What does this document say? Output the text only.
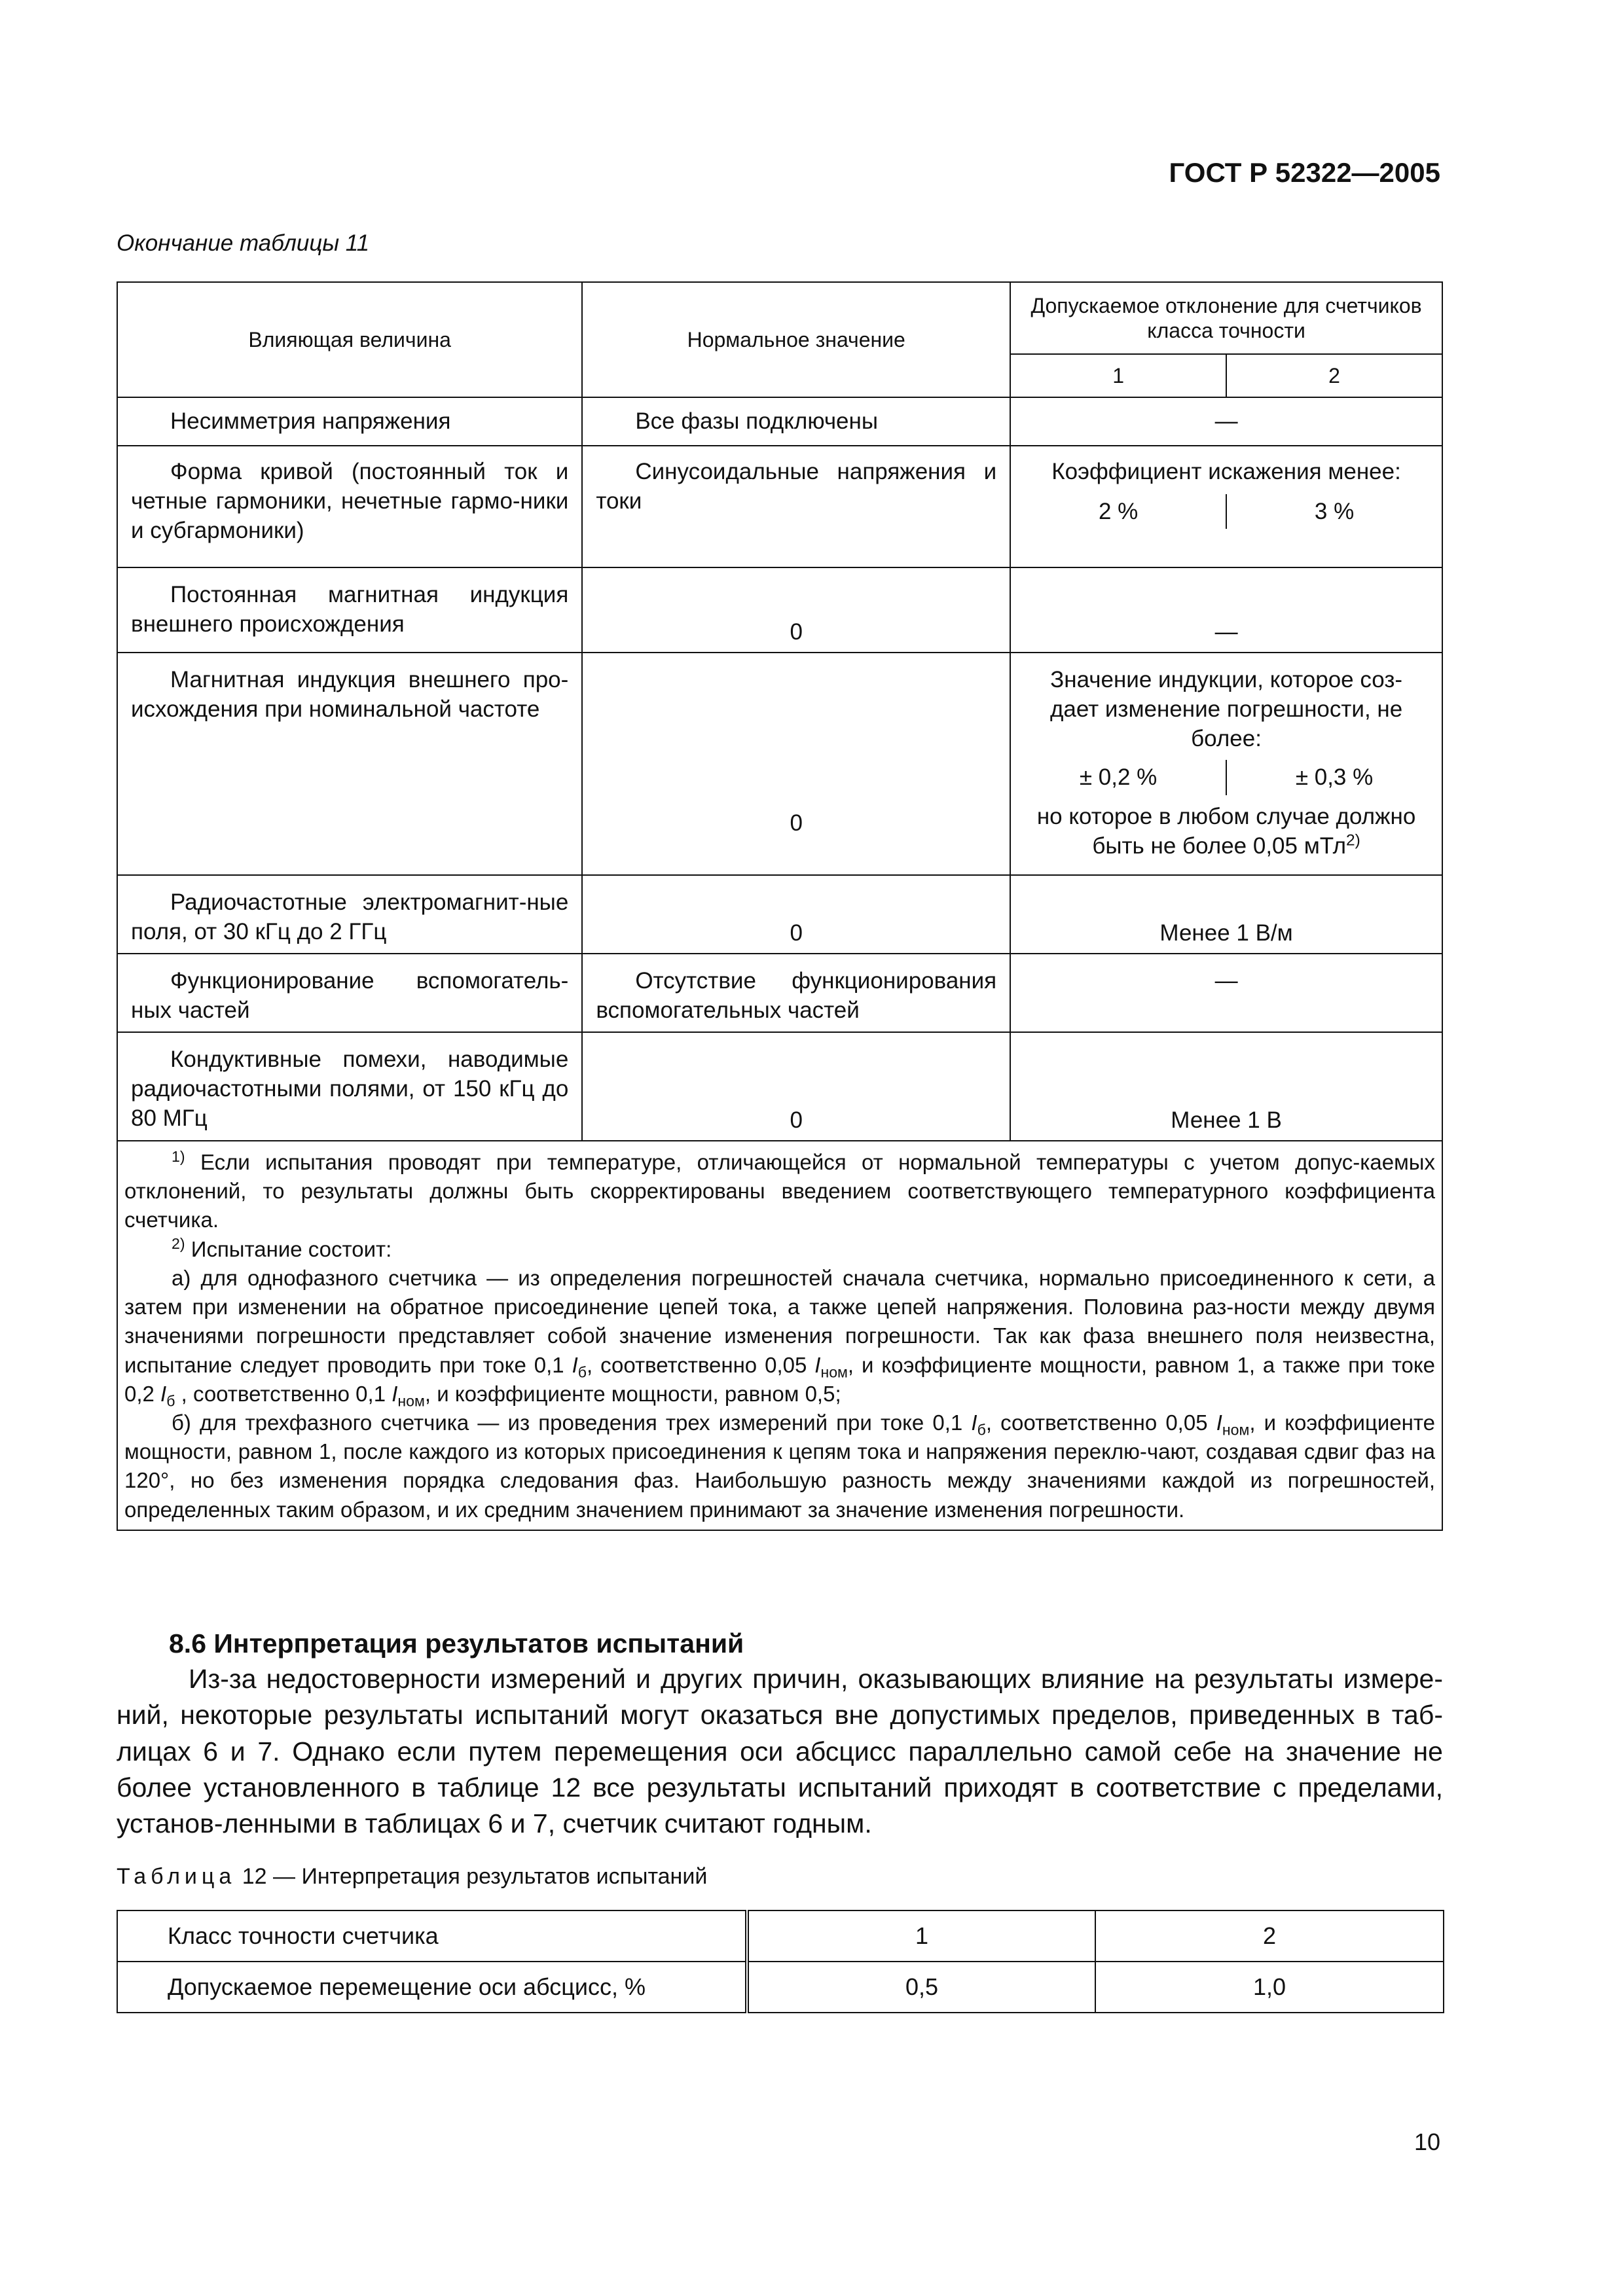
ГОСТ Р 52322—2005
Окончание таблицы 11
Влияющая величина	Нормальное значение	Допускаемое отклонение для счетчиков класса точности	
		1	2
Несимметрия напряжения	Все фазы подключены	—	
Форма кривой (постоянный ток и четные гармоники, нечетные гармо-ники и субгармоники)	Синусоидальные напряжения и токи	Коэффициент искажения менее:
2 % 3 %	

Постоянная магнитная индукция внешнего происхождения	0	—	
Магнитная индукция внешнего про-исхождения при номинальной частоте	0	Значение индукции, которое соз-дает изменение погрешности, не более:
± 0,2 % ± 0,3 %
но которое в любом случае должно быть не более 0,05 мТл$^{2)}$

Радиочастотные электромагнит-ные поля, от 30 кГц до 2 ГГц	0	Менее 1 В/м	
Функционирование вспомогатель-ных частей	Отсутствие функционирования вспомогательных частей	—	
Кондуктивные помехи, наводимые радиочастотными полями, от 150 кГц до 80 МГц	0	Менее 1 В	

$^{1)}$ Если испытания проводят при температуре, отличающейся от нормальной температуры с учетом допус-каемых отклонений, то результаты должны быть скорректированы введением соответствующего температурного коэффициента счетчика.

$^{2)}$ Испытание состоит:

а) для однофазного счетчика — из определения погрешностей сначала счетчика, нормально присоединенного к сети, а затем при изменении на обратное присоединение цепей тока, а также цепей напряжения. Половина раз-ности между двумя значениями погрешности представляет собой значение изменения погрешности. Так как фаза внешнего поля неизвестна, испытание следует проводить при токе 0,1 $I_б$, соответственно 0,05 $I_{ном}$, и коэффициенте мощности, равном 1, а также при токе 0,2 $I_б$ , соответственно 0,1 $I_{ном}$, и коэффициенте мощности, равном 0,5;

б) для трехфазного счетчика — из проведения трех измерений при токе 0,1 $I_б$, соответственно 0,05 $I_{ном}$, и коэффициенте мощности, равном 1, после каждого из которых присоединения к цепям тока и напряжения переклю-чают, создавая сдвиг фаз на 120°, но без изменения порядка следования фаз. Наибольшую разность между значениями каждой из погрешностей, определенных таким образом, и их средним значением принимают за значение изменения погрешности.			

8.6 Интерпретация результатов испытаний

Из-за недостоверности измерений и других причин, оказывающих влияние на результаты измере-ний, некоторые результаты испытаний могут оказаться вне допустимых пределов, приведенных в таб-лицах 6 и 7. Однако если путем перемещения оси абсцисс параллельно самой себе на значение не более установленного в таблице 12 все результаты испытаний приходят в соответствие с пределами, установ-ленными в таблицах 6 и 7, счетчик считают годным.

Таблица 12 — Интерпретация результатов испытаний
Класс точности счетчика	1	2
Допускаемое перемещение оси абсцисс, %	0,5	1,0
10
